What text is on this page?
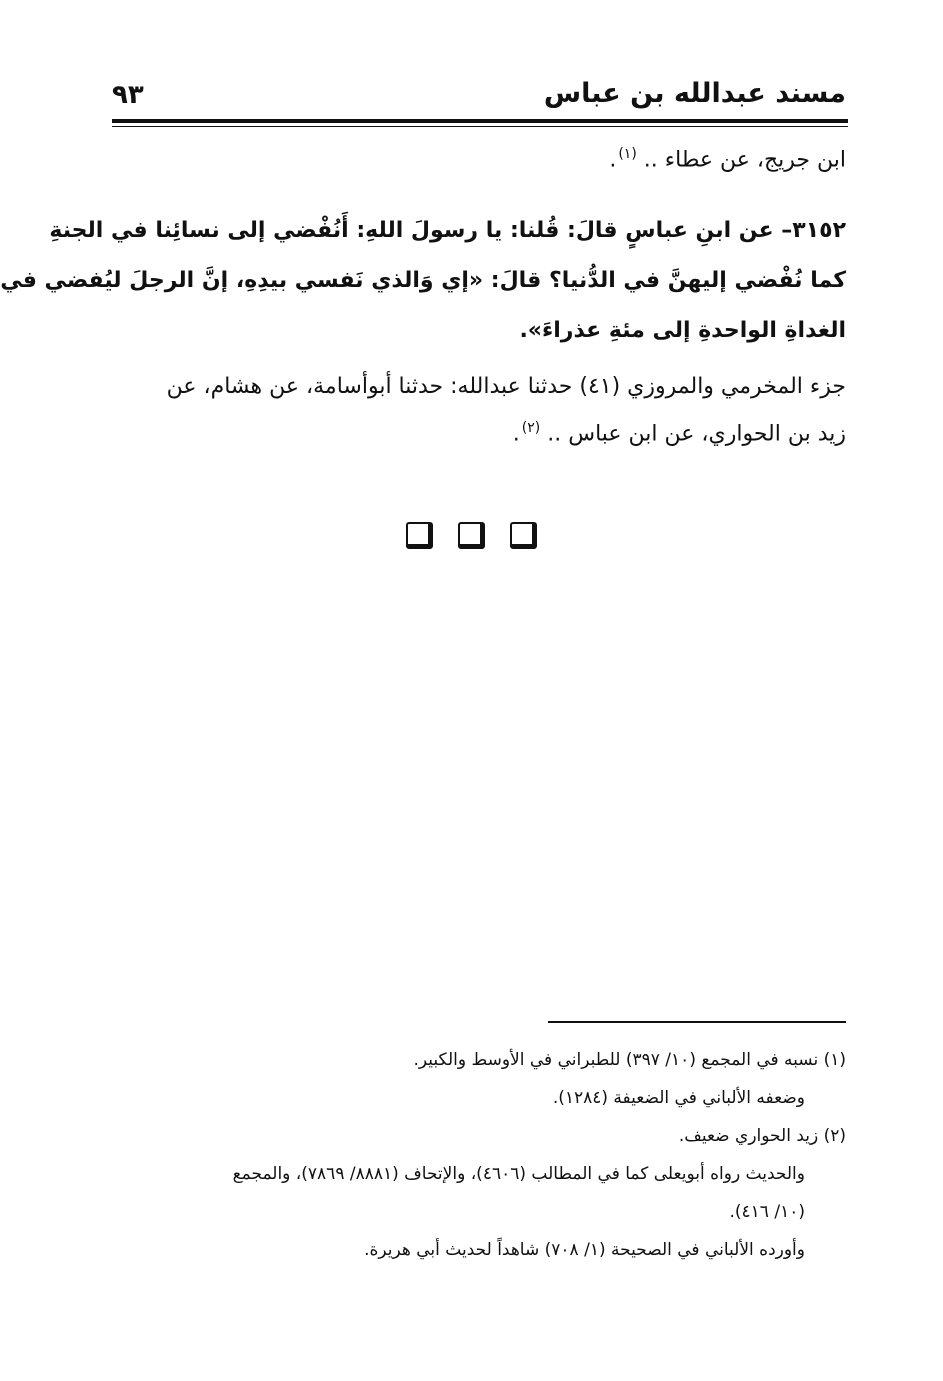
مسند عبدالله بن عباس
٩٣
ابن جريج، عن عطاء .. $^{(١)}$.
٣١٥٢– عن ابنِ عباسٍ قالَ: قُلنا: يا رسولَ اللهِ: أَنُفْضي إلى نسائِنا في الجنةِ
كما نُفْضي إليهنَّ في الدُّنيا؟ قالَ: «إي وَالذي نَفسي بيدِهِ، إنَّ الرجلَ ليُفضي في
الغداةِ الواحدةِ إلى مئةِ عذراءَ».
جزء المخرمي والمروزي (٤١) حدثنا عبدالله: حدثنا أبوأسامة، عن هشام، عن
زيد بن الحواري، عن ابن عباس .. $^{(٢)}$.
(١) نسبه في المجمع (١٠/ ٣٩٧) للطبراني في الأوسط والكبير.
وضعفه الألباني في الضعيفة (١٢٨٤).
(٢) زيد الحواري ضعيف.
والحديث رواه أبويعلى كما في المطالب (٤٦٠٦)، والإتحاف (٨٨٨١/ ٧٨٦٩)، والمجمع
(١٠/ ٤١٦).
وأورده الألباني في الصحيحة (١/ ٧٠٨) شاهداً لحديث أبي هريرة.
